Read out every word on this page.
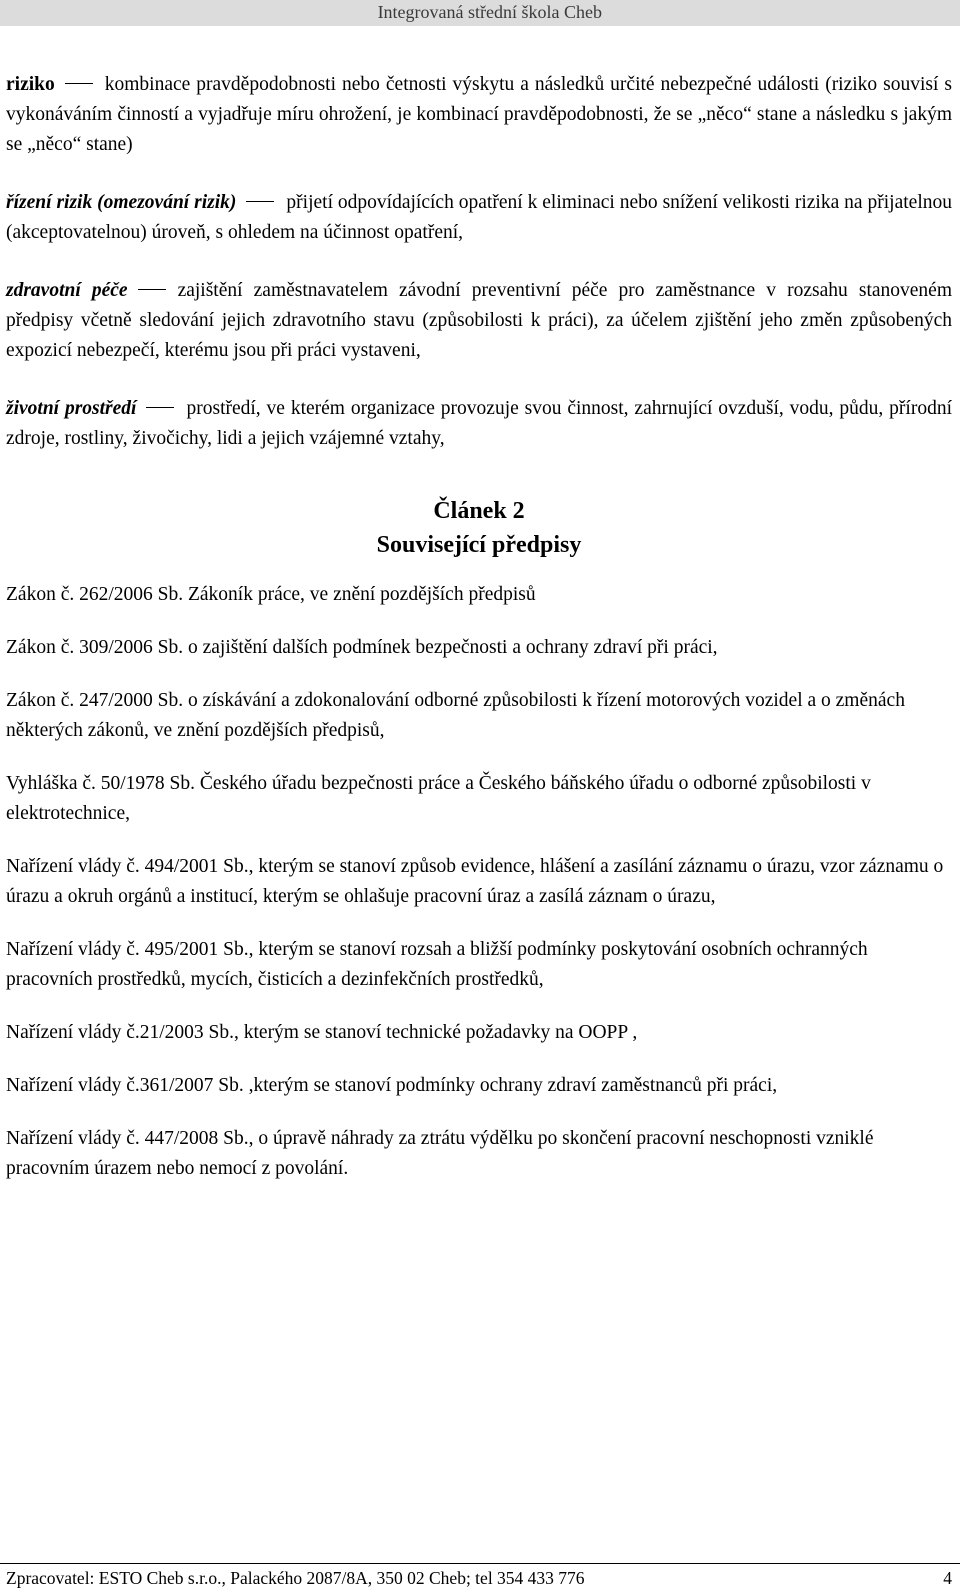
Integrovaná střední škola Cheb

riziko	kombinace pravděpodobnosti nebo četnosti výskytu a následků určité nebezpečné události (riziko souvisí s vykonáváním činností a vyjadřuje míru ohrožení, je kombinací pravděpodobnosti, že se „něco“ stane a následku s jakým se „něco“ stane)

řízení rizik (omezování rizik)	přijetí odpovídajících opatření k eliminaci nebo snížení velikosti rizika na přijatelnou (akceptovatelnou) úroveň, s ohledem na účinnost opatření,

zdravotní péče	zajištění zaměstnavatelem závodní preventivní péče pro zaměstnance v rozsahu stanoveném předpisy včetně sledování jejich zdravotního stavu (způsobilosti k práci), za účelem zjištění jeho změn způsobených expozicí nebezpečí, kterému jsou při práci vystaveni,

životní prostředí	prostředí, ve kterém organizace provozuje svou činnost, zahrnující ovzduší, vodu, půdu, přírodní zdroje, rostliny, živočichy, lidi a jejich vzájemné vztahy,

Článek 2
Související předpisy

Zákon č. 262/2006 Sb. Zákoník práce, ve znění pozdějších předpisů

Zákon č. 309/2006 Sb. o zajištění dalších podmínek bezpečnosti a ochrany zdraví při práci,

Zákon č. 247/2000 Sb. o získávání a zdokonalování odborné způsobilosti k řízení motorových vozidel a o změnách některých zákonů, ve znění pozdějších předpisů,

Vyhláška č. 50/1978 Sb. Českého úřadu bezpečnosti práce a Českého báňského úřadu o odborné způsobilosti v elektrotechnice,

Nařízení vlády č. 494/2001 Sb., kterým se stanoví způsob evidence, hlášení a zasílání záznamu o úrazu, vzor záznamu o úrazu a okruh orgánů a institucí, kterým se ohlašuje pracovní úraz a zasílá záznam o úrazu,

Nařízení vlády č. 495/2001 Sb., kterým se stanoví rozsah a bližší podmínky poskytování osobních ochranných pracovních prostředků, mycích, čisticích a dezinfekčních prostředků,

Nařízení vlády č.21/2003 Sb., kterým se stanoví technické požadavky na OOPP ,

Nařízení vlády č.361/2007 Sb. ,kterým se stanoví podmínky ochrany zdraví zaměstnanců při práci,

Nařízení vlády č. 447/2008 Sb., o úpravě náhrady za ztrátu výdělku po skončení pracovní neschopnosti vzniklé pracovním úrazem nebo nemocí z povolání.

Zpracovatel: ESTO Cheb s.r.o., Palackého 2087/8A, 350 02 Cheb; tel 354 433 776	4
